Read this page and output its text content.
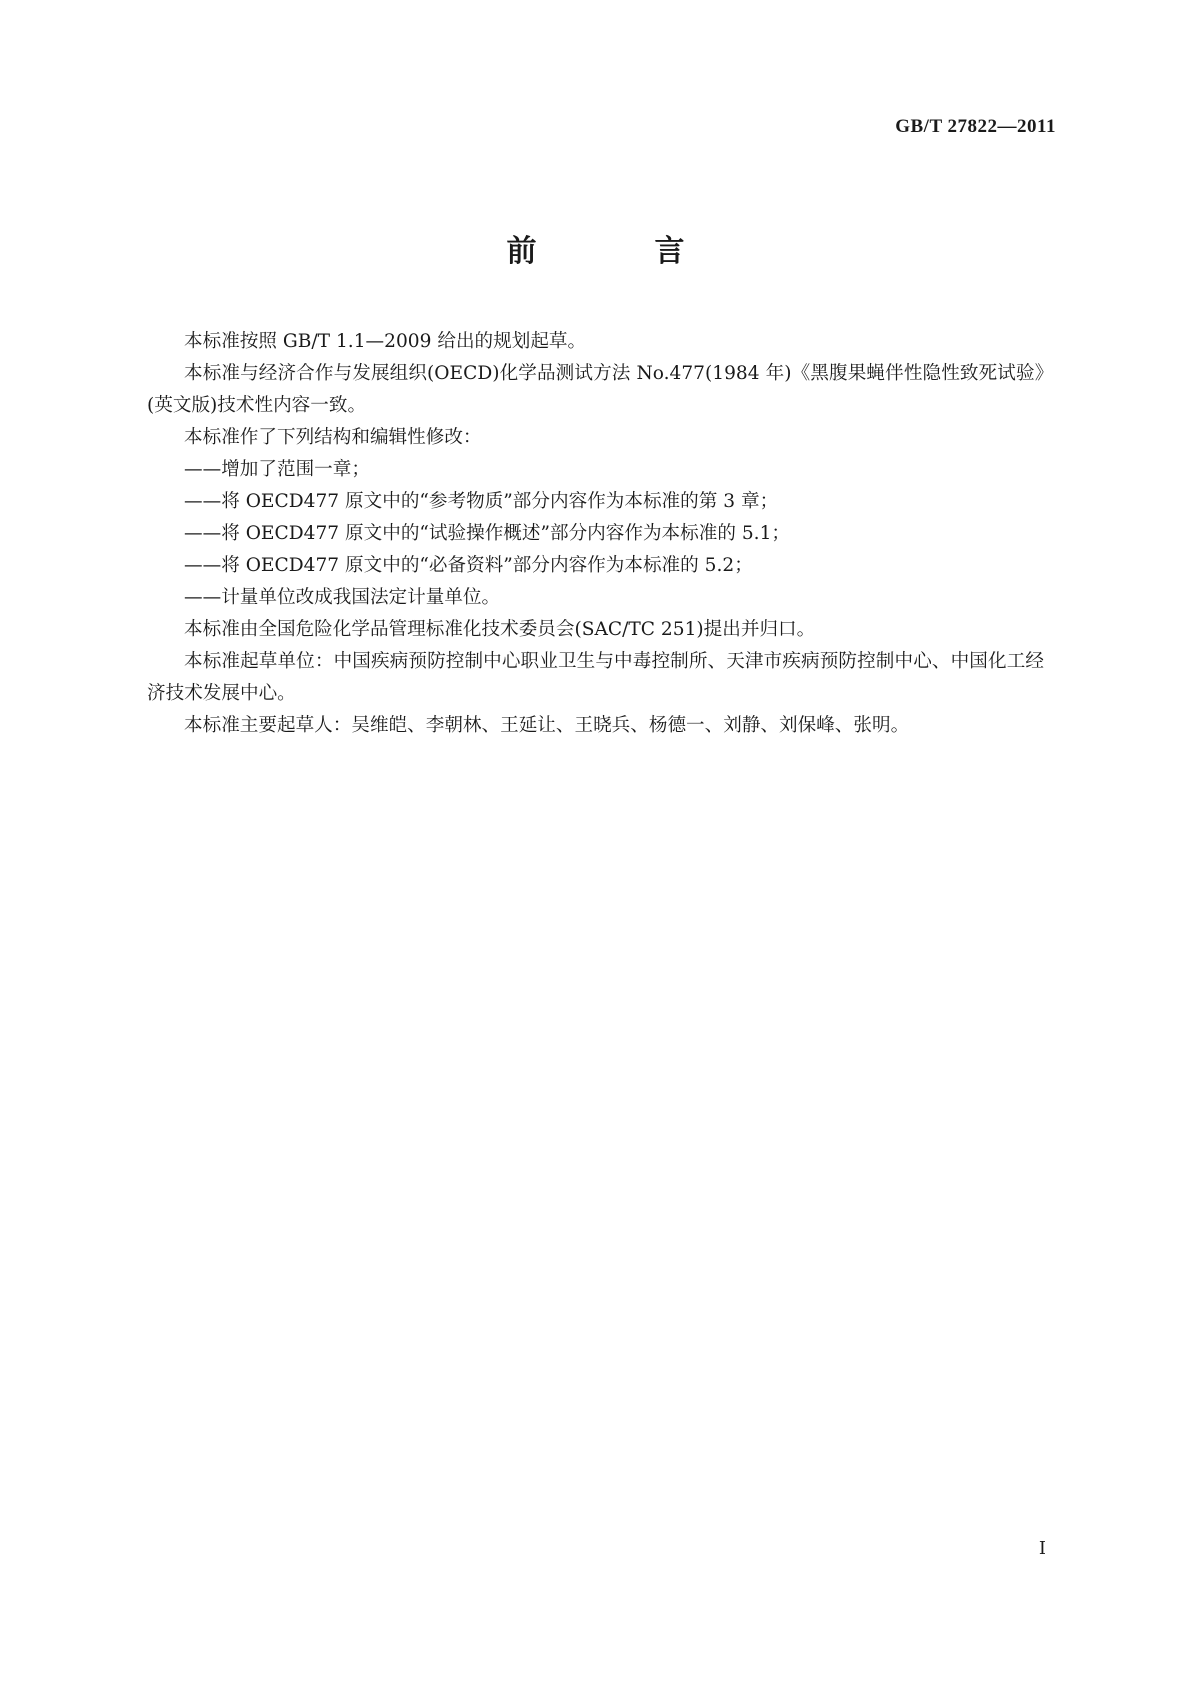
GB/T 27822—2011
前　言

本标准按照 GB/T 1.1—2009 给出的规划起草。

本标准与经济合作与发展组织(OECD)化学品测试方法 No.477(1984 年)《黑腹果蝇伴性隐性致死试验》(英文版)技术性内容一致。

本标准作了下列结构和编辑性修改：

——增加了范围一章；

——将 OECD477 原文中的“参考物质”部分内容作为本标准的第 3 章；

——将 OECD477 原文中的“试验操作概述”部分内容作为本标准的 5.1；

——将 OECD477 原文中的“必备资料”部分内容作为本标准的 5.2；

——计量单位改成我国法定计量单位。

本标准由全国危险化学品管理标准化技术委员会(SAC/TC 251)提出并归口。

本标准起草单位：中国疾病预防控制中心职业卫生与中毒控制所、天津市疾病预防控制中心、中国化工经济技术发展中心。

本标准主要起草人：吴维皑、李朝林、王延让、王晓兵、杨德一、刘静、刘保峰、张明。

Ⅰ
